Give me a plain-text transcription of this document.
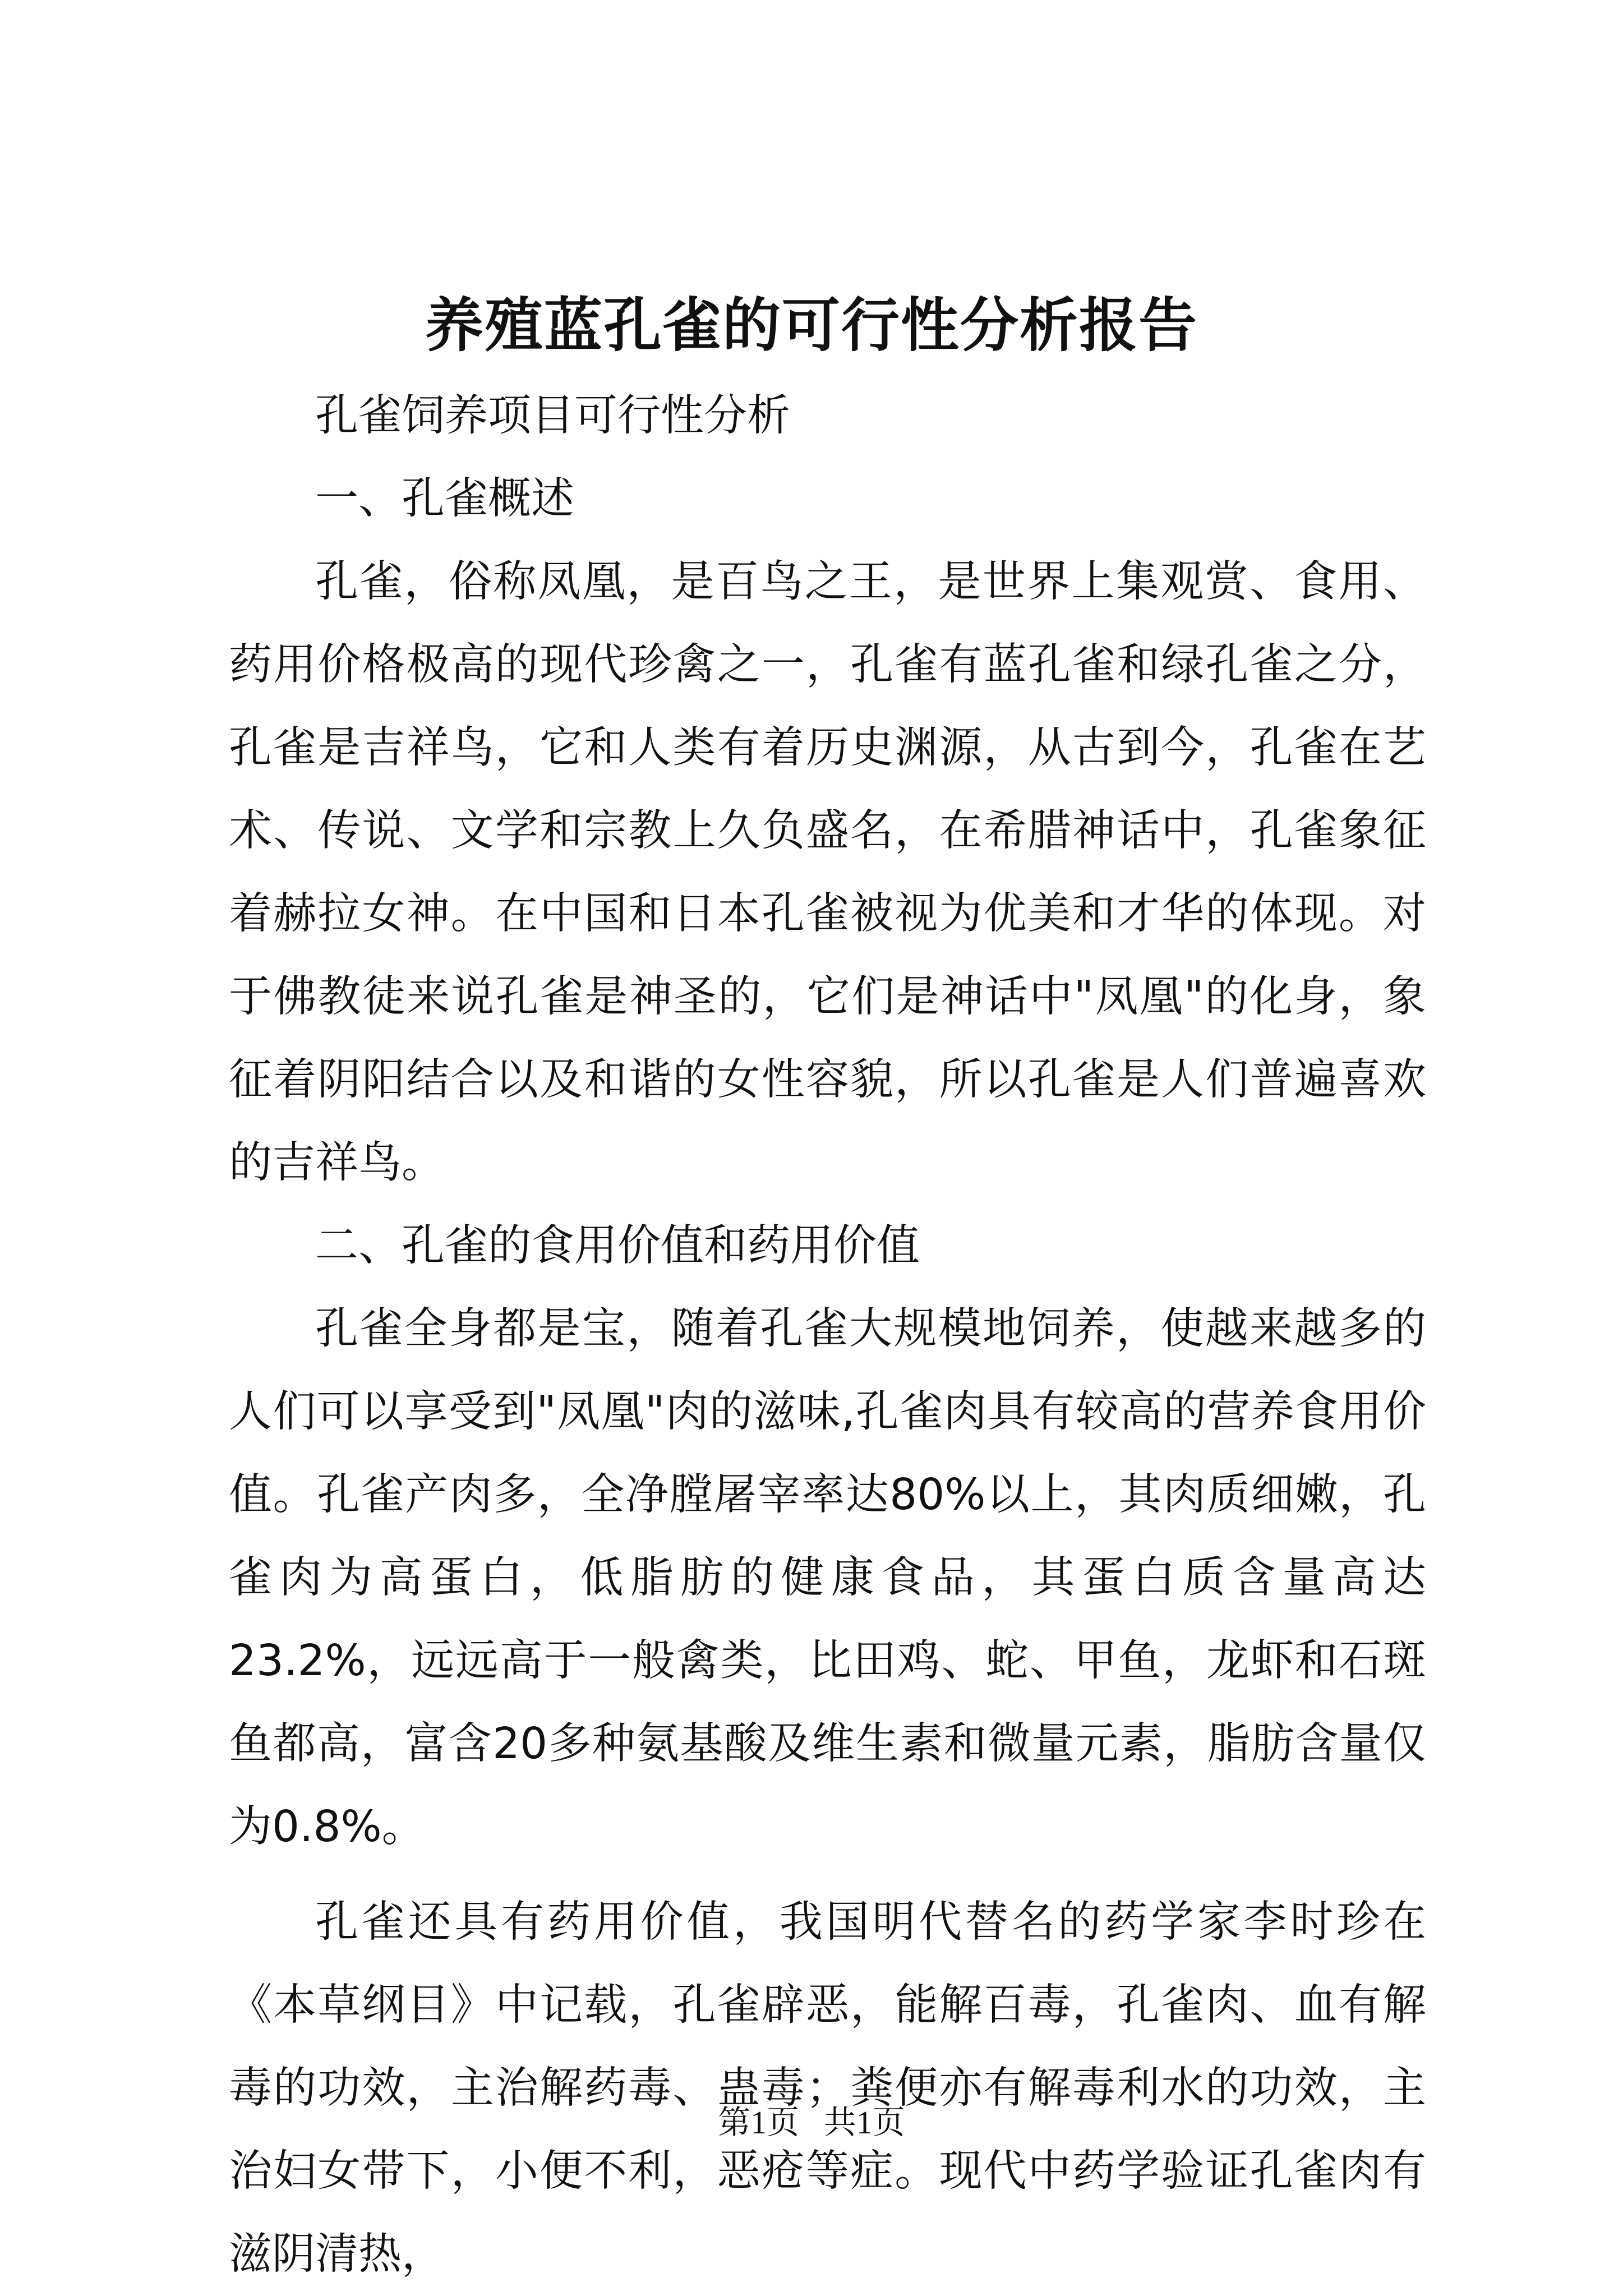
养殖蓝孔雀的可行性分析报告

孔雀饲养项目可行性分析

一、孔雀概述

孔雀，俗称凤凰，是百鸟之王，是世界上集观赏、食用、药用价格极高的现代珍禽之一，孔雀有蓝孔雀和绿孔雀之分，孔雀是吉祥鸟，它和人类有着历史渊源，从古到今，孔雀在艺术、传说、文学和宗教上久负盛名，在希腊神话中，孔雀象征着赫拉女神。在中国和日本孔雀被视为优美和才华的体现。对于佛教徒来说孔雀是神圣的，它们是神话中"凤凰"的化身，象征着阴阳结合以及和谐的女性容貌，所以孔雀是人们普遍喜欢的吉祥鸟。

二、孔雀的食用价值和药用价值

孔雀全身都是宝，随着孔雀大规模地饲养，使越来越多的人们可以享受到"凤凰"肉的滋味,孔雀肉具有较高的营养食用价值。孔雀产肉多，全净膛屠宰率达80%以上，其肉质细嫩，孔雀肉为高蛋白，低脂肪的健康食品，其蛋白质含量高达23.2%，远远高于一般禽类，比田鸡、蛇、甲鱼，龙虾和石斑鱼都高，富含20多种氨基酸及维生素和微量元素，脂肪含量仅为0.8%。

孔雀还具有药用价值，我国明代替名的药学家李时珍在《本草纲目》中记载，孔雀辟恶，能解百毒，孔雀肉、血有解毒的功效，主治解药毒、蛊毒；粪便亦有解毒利水的功效，主治妇女带下，小便不利，恶疮等症。现代中药学验证孔雀肉有滋阴清热，

第1页 共1页
